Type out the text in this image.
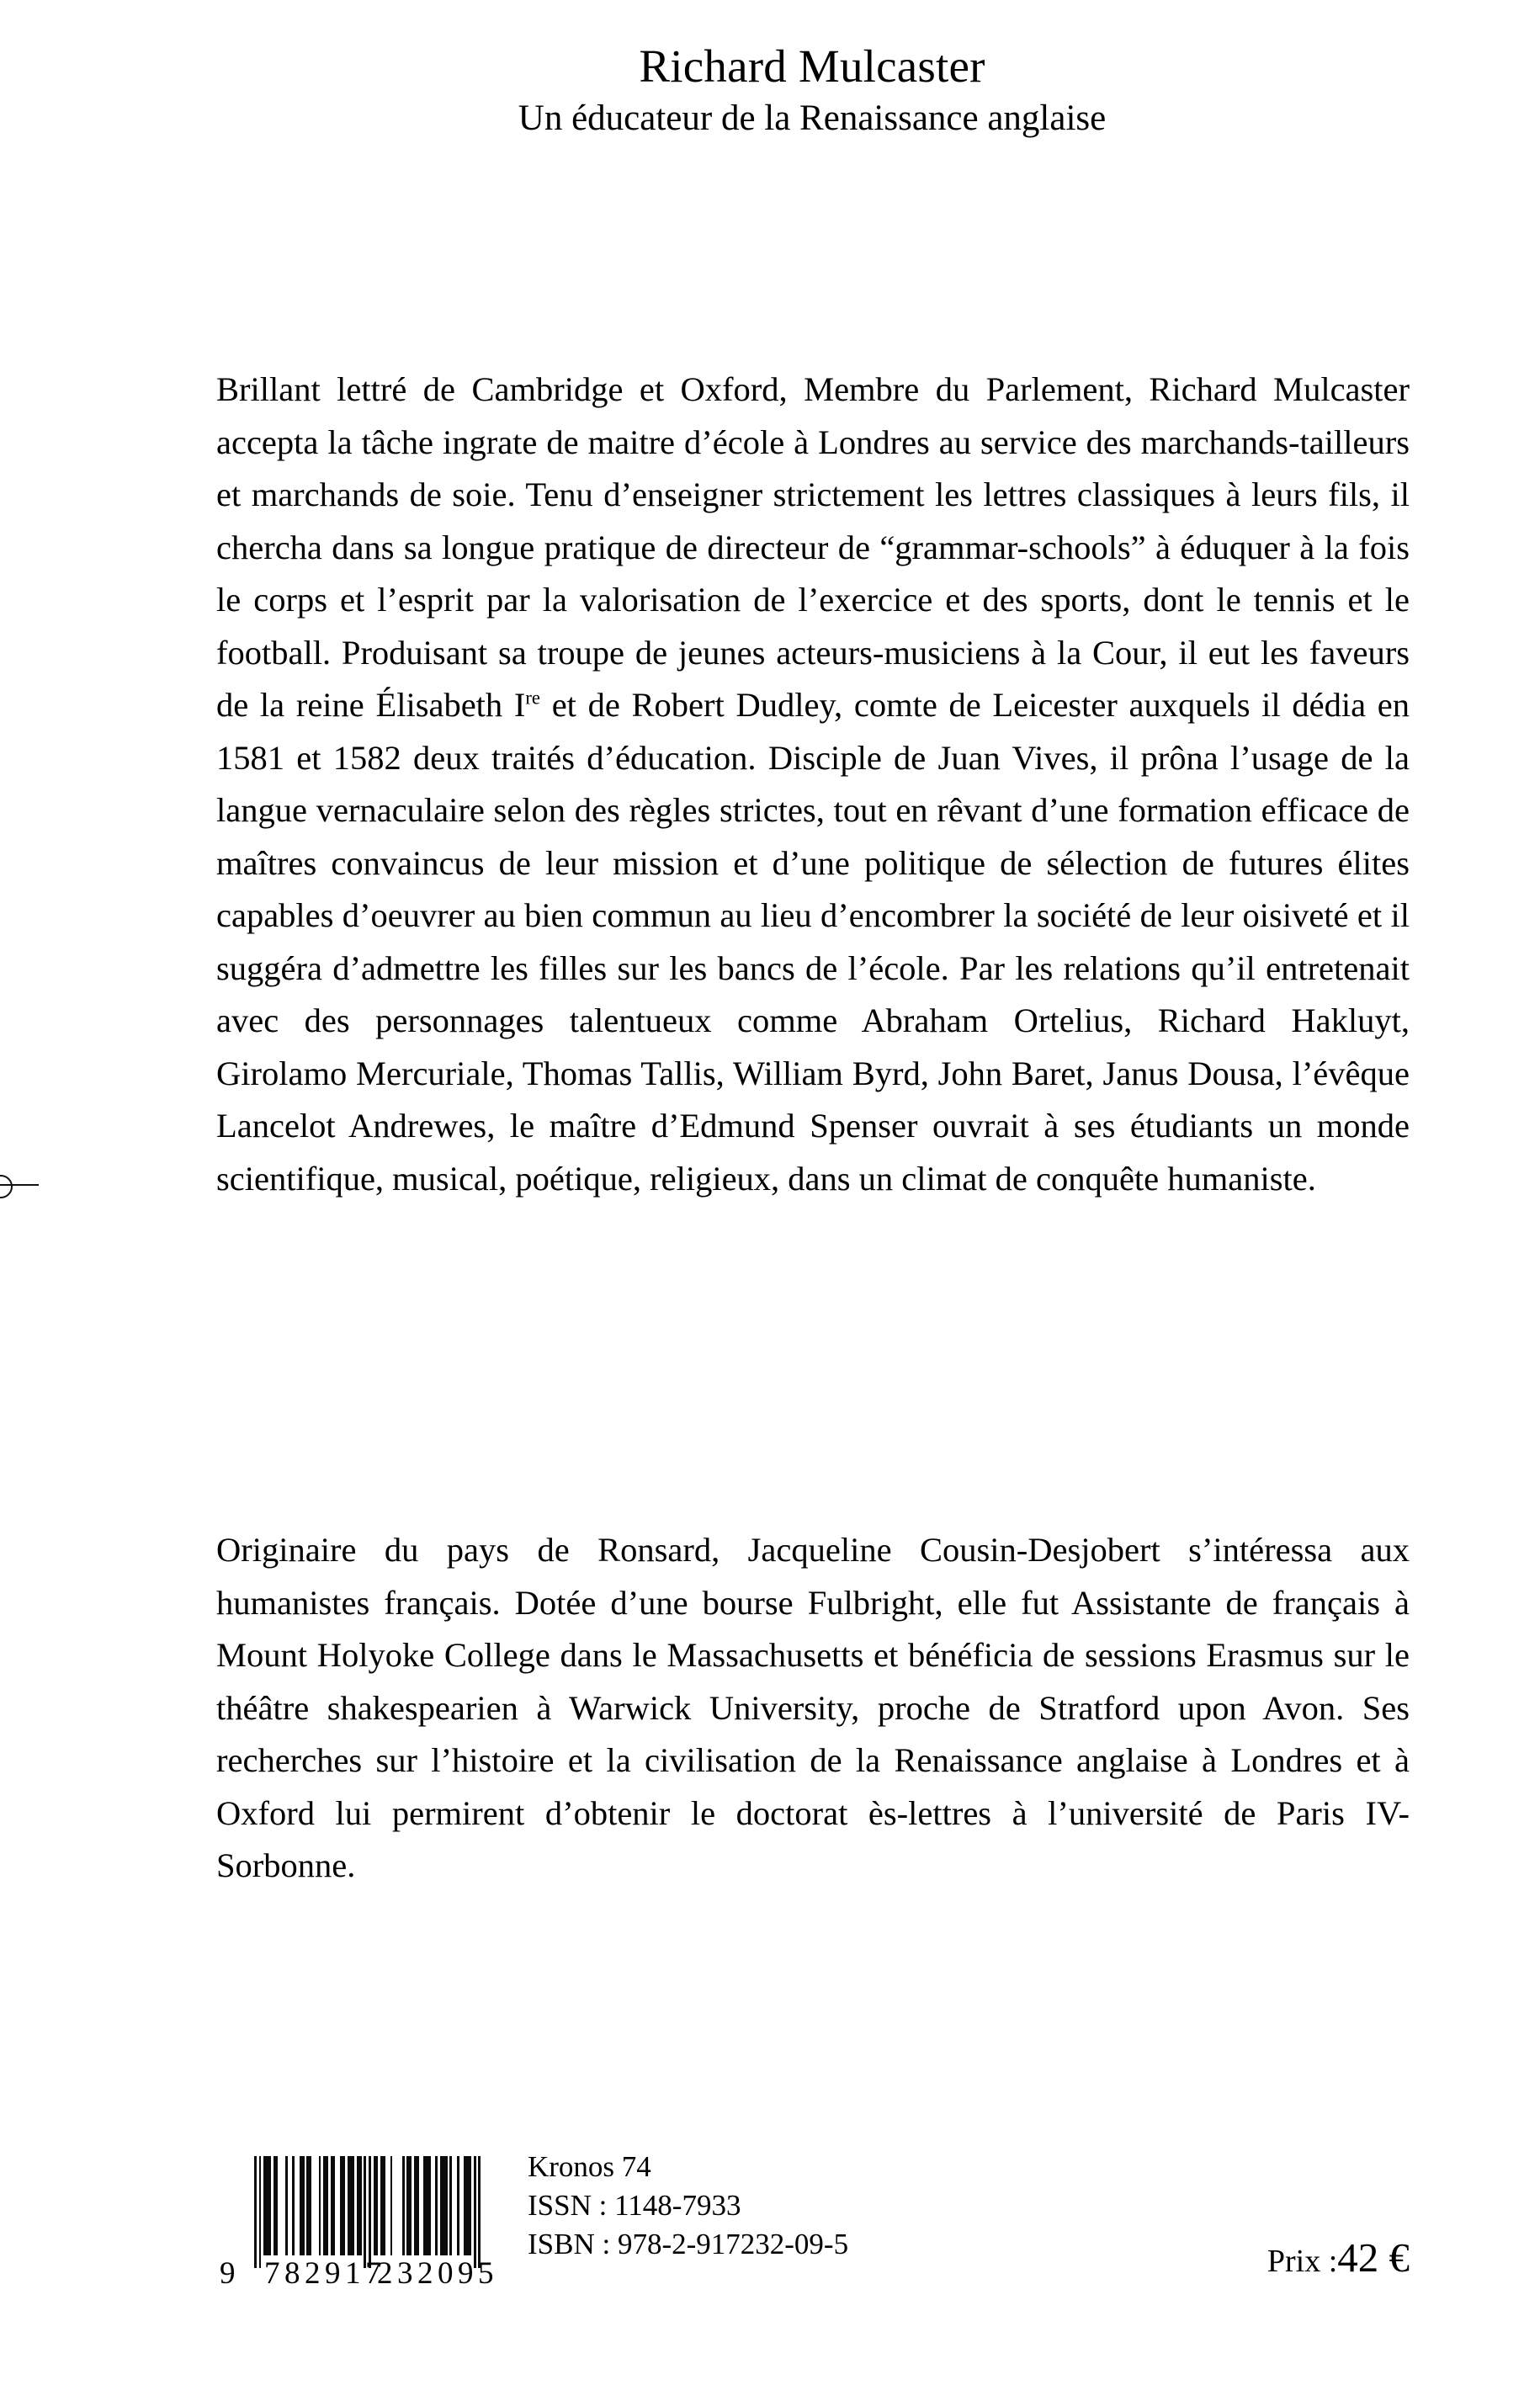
Richard Mulcaster
Un éducateur de la Renaissance anglaise

Brillant lettré de Cambridge et Oxford, Membre du Parlement, Richard Mulcaster accepta la tâche ingrate de maitre d’école à Londres au service des marchands-tailleurs et marchands de soie. Tenu d’enseigner strictement les lettres classiques à leurs fils, il chercha dans sa longue pratique de directeur de “grammar-schools” à éduquer à la fois le corps et l’esprit par la valorisation de l’exercice et des sports, dont le tennis et le football. Produisant sa troupe de jeunes acteurs-musiciens à la Cour, il eut les faveurs de la reine Élisabeth Ire et de Robert Dudley, comte de Leicester auxquels il dédia en 1581 et 1582 deux traités d’éducation. Disciple de Juan Vives, il prôna l’usage de la langue vernaculaire selon des règles strictes, tout en rêvant d’une formation efficace de maîtres convaincus de leur mission et d’une politique de sélection de futures élites capables d’oeuvrer au bien commun au lieu d’encombrer la société de leur oisiveté et il suggéra d’admettre les filles sur les bancs de l’école. Par les relations qu’il entretenait avec des personnages talentueux comme Abraham Ortelius, Richard Hakluyt, Girolamo Mercuriale, Thomas Tallis, William Byrd, John Baret, Janus Dousa, l’évêque Lancelot Andrewes, le maître d’Edmund Spenser ouvrait à ses étudiants un monde scientifique, musical, poétique, religieux, dans un climat de conquête humaniste.

Originaire du pays de Ronsard, Jacqueline Cousin-Desjobert s’intéressa aux humanistes français. Dotée d’une bourse Fulbright, elle fut Assistante de français à Mount Holyoke College dans le Massachusetts et bénéficia de sessions Erasmus sur le théâtre shakespearien à Warwick University, proche de Stratford upon Avon. Ses recherches sur l’histoire et la civilisation de la Renaissance anglaise à Londres et à Oxford lui permirent d’obtenir le doctorat ès-lettres à l’université de Paris IV-Sorbonne.

9 782917
232095
Kronos 74
ISSN : 1148-7933
ISBN : 978-2-917232-09-5	Prix :42 €
